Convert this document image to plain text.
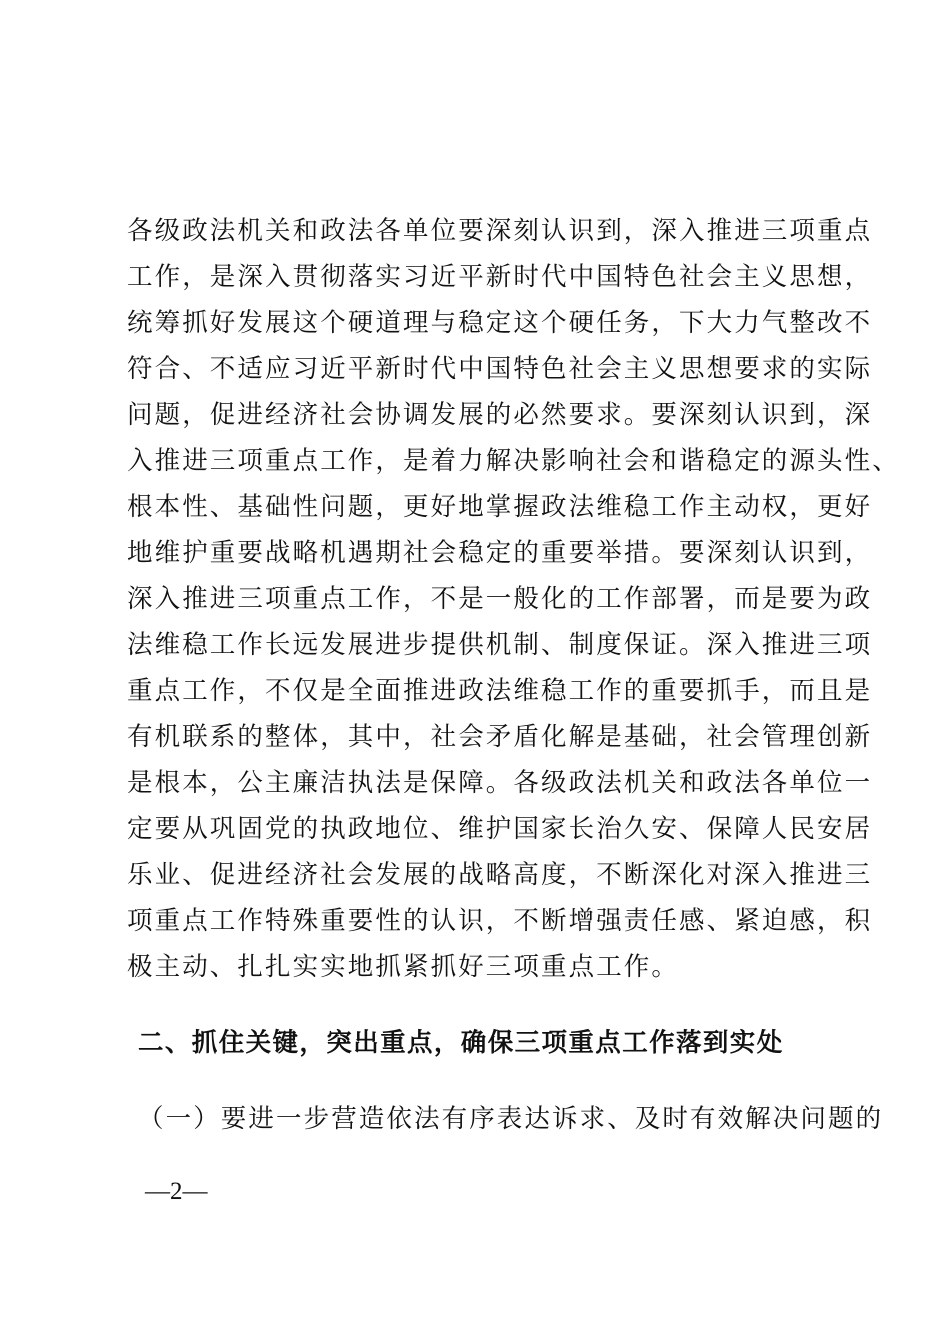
各级政法机关和政法各单位要深刻认识到，深入推进三项重点
工作，是深入贯彻落实习近平新时代中国特色社会主义思想，
统筹抓好发展这个硬道理与稳定这个硬任务，下大力气整改不
符合、不适应习近平新时代中国特色社会主义思想要求的实际
问题，促进经济社会协调发展的必然要求。要深刻认识到，深
入推进三项重点工作，是着力解决影响社会和谐稳定的源头性、
根本性、基础性问题，更好地掌握政法维稳工作主动权，更好
地维护重要战略机遇期社会稳定的重要举措。要深刻认识到，
深入推进三项重点工作，不是一般化的工作部署，而是要为政
法维稳工作长远发展进步提供机制、制度保证。深入推进三项
重点工作，不仅是全面推进政法维稳工作的重要抓手，而且是
有机联系的整体，其中，社会矛盾化解是基础，社会管理创新
是根本，公主廉洁执法是保障。各级政法机关和政法各单位一
定要从巩固党的执政地位、维护国家长治久安、保障人民安居
乐业、促进经济社会发展的战略高度，不断深化对深入推进三
项重点工作特殊重要性的认识，不断增强责任感、紧迫感，积
极主动、扎扎实实地抓紧抓好三项重点工作。
二、抓住关键，突出重点，确保三项重点工作落到实处
（一）要进一步营造依法有序表达诉求、及时有效解决问题的
—2—
